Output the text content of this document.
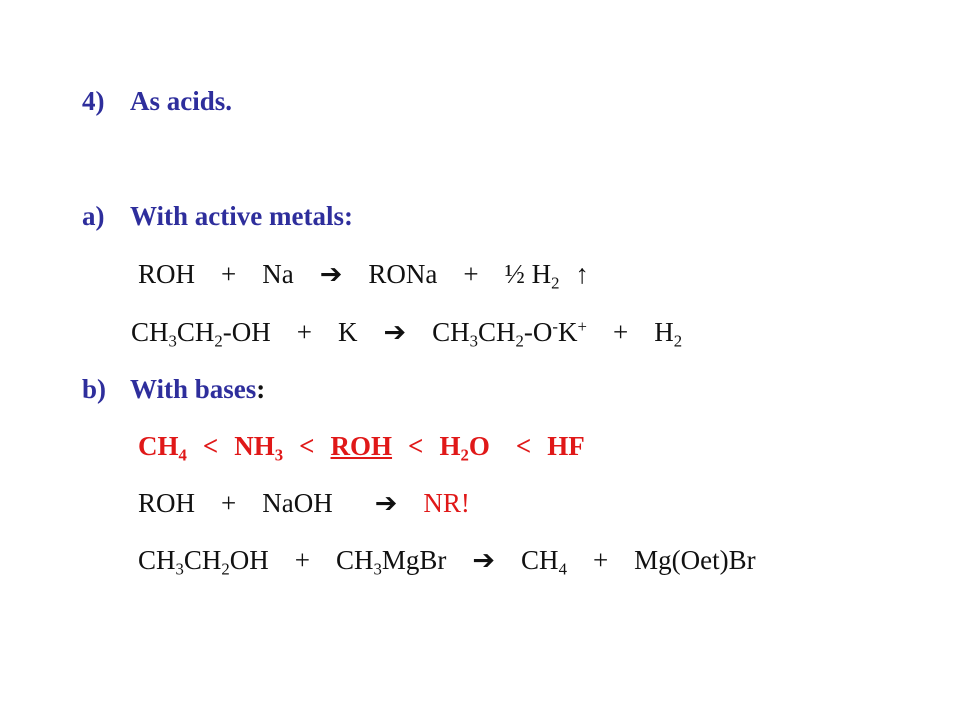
4) As acids.
a) With active metals:
ROH + Na ➔ RONa + ½ $H_2$ ↑
$CH_3CH_2-OH + K$ ➔ $CH_3CH_2-O^-K^+ + H_2$
b) With bases:
$CH_4 < NH_3$ < ROH < $H_2O$ < HF
ROH + NaOH ➔ NR!
$CH_3CH_2OH$ + $CH_3MgBr$ ➔ $CH_4 + Mg(Oet)Br$
